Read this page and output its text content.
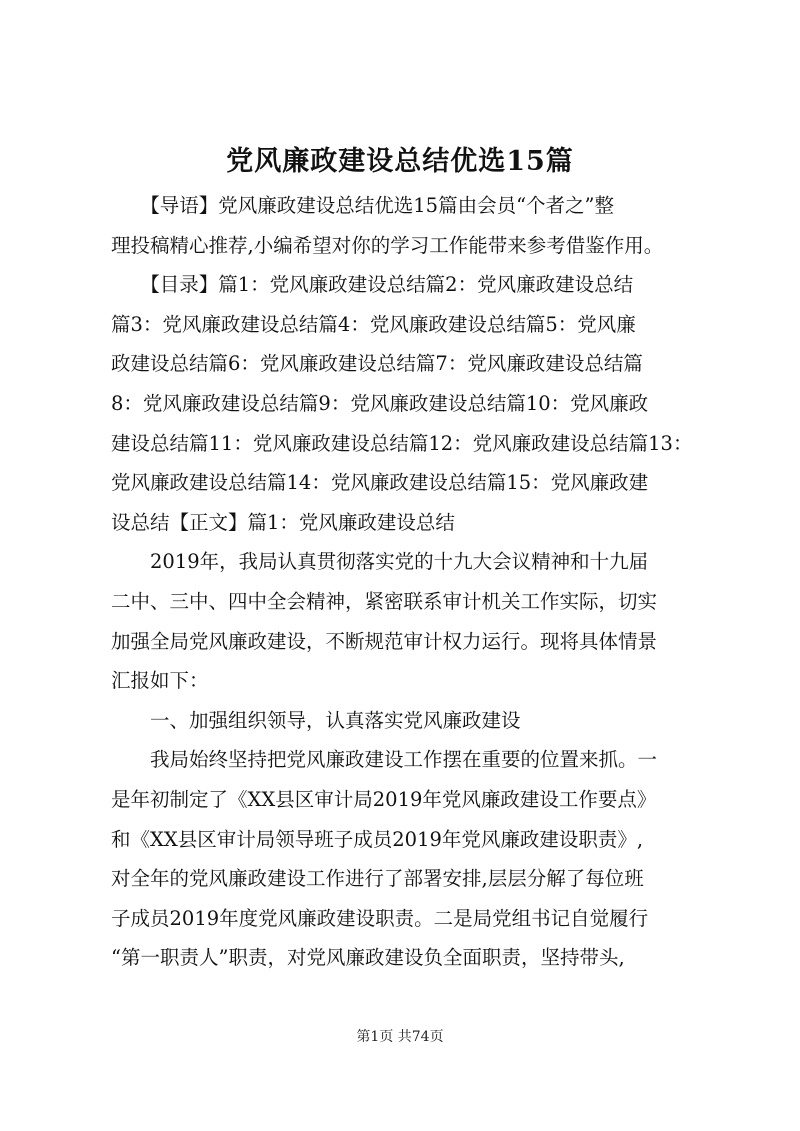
党风廉政建设总结优选15篇
　　【导语】党风廉政建设总结优选15篇由会员“个者之”整
理投稿精心推荐,小编希望对你的学习工作能带来参考借鉴作用。
　　【目录】篇1：党风廉政建设总结篇2：党风廉政建设总结
篇3：党风廉政建设总结篇4：党风廉政建设总结篇5：党风廉
政建设总结篇6：党风廉政建设总结篇7：党风廉政建设总结篇
8：党风廉政建设总结篇9：党风廉政建设总结篇10：党风廉政
建设总结篇11：党风廉政建设总结篇12：党风廉政建设总结篇13：
党风廉政建设总结篇14：党风廉政建设总结篇15：党风廉政建
设总结【正文】篇1：党风廉政建设总结
　　2019年，我局认真贯彻落实党的十九大会议精神和十九届
二中、三中、四中全会精神，紧密联系审计机关工作实际，切实
加强全局党风廉政建设，不断规范审计权力运行。现将具体情景
汇报如下：
　　一、加强组织领导，认真落实党风廉政建设
　　我局始终坚持把党风廉政建设工作摆在重要的位置来抓。一
是年初制定了《XX县区审计局2019年党风廉政建设工作要点》
和《XX县区审计局领导班子成员2019年党风廉政建设职责》,
对全年的党风廉政建设工作进行了部署安排,层层分解了每位班
子成员2019年度党风廉政建设职责。二是局党组书记自觉履行
“第一职责人”职责，对党风廉政建设负全面职责，坚持带头,
第1页 共74页
